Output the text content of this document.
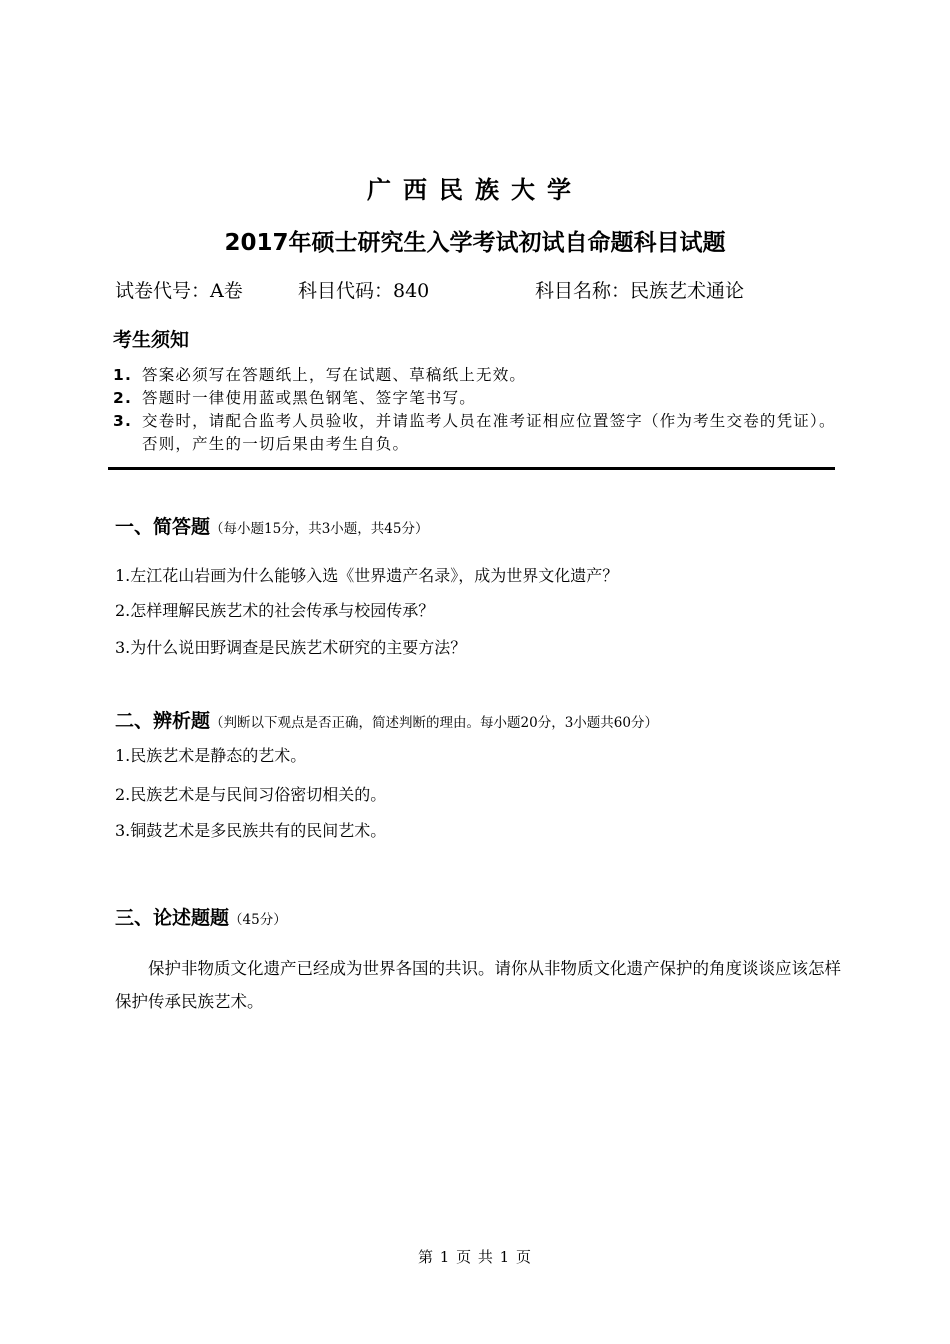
广西民族大学
2017年硕士研究生入学考试初试自命题科目试题
试卷代号：A卷	科目代码：840	科目名称：民族艺术通论
考生须知
1. 答案必须写在答题纸上，写在试题、草稿纸上无效。
2. 答题时一律使用蓝或黑色钢笔、签字笔书写。
3. 交卷时，请配合监考人员验收，并请监考人员在准考证相应位置签字（作为考生交卷的凭证）。否则，产生的一切后果由考生自负。
一、简答题（每小题15分，共3小题，共45分）
1.左江花山岩画为什么能够入选《世界遗产名录》，成为世界文化遗产？
2.怎样理解民族艺术的社会传承与校园传承？
3.为什么说田野调查是民族艺术研究的主要方法？
二、辨析题（判断以下观点是否正确，简述判断的理由。每小题20分，3小题共60分）
1.民族艺术是静态的艺术。
2.民族艺术是与民间习俗密切相关的。
3.铜鼓艺术是多民族共有的民间艺术。
三、论述题题（45分）
保护非物质文化遗产已经成为世界各国的共识。请你从非物质文化遗产保护的角度谈谈应该怎样保护传承民族艺术。
第 1 页 共 1 页
